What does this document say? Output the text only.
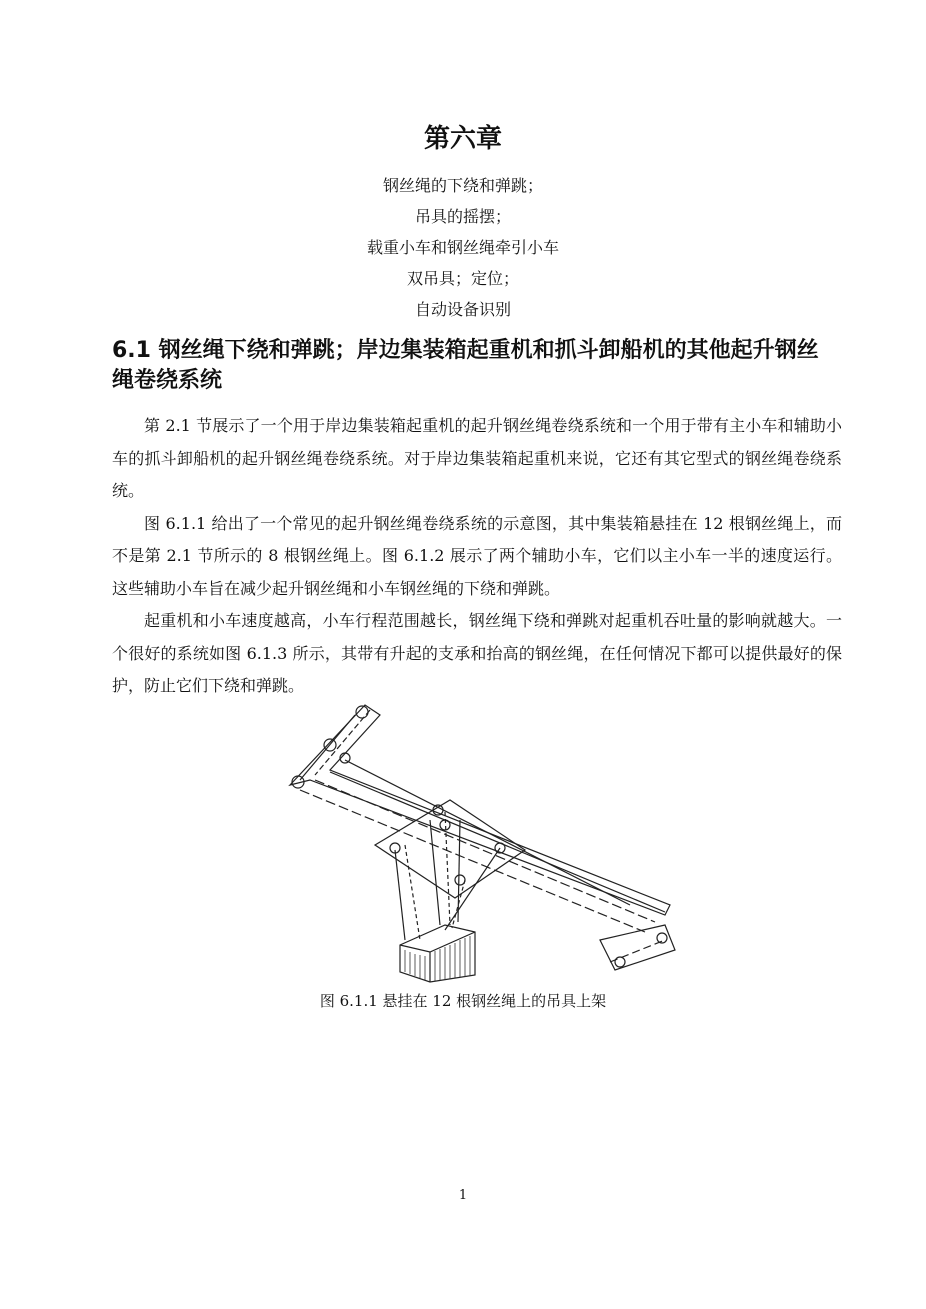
第六章
钢丝绳的下绕和弹跳；
吊具的摇摆；
载重小车和钢丝绳牵引小车
双吊具；定位；
自动设备识别
6.1 钢丝绳下绕和弹跳；岸边集装箱起重机和抓斗卸船机的其他起升钢丝绳卷绕系统

第 2.1 节展示了一个用于岸边集装箱起重机的起升钢丝绳卷绕系统和一个用于带有主小车和辅助小车的抓斗卸船机的起升钢丝绳卷绕系统。对于岸边集装箱起重机来说，它还有其它型式的钢丝绳卷绕系统。

图 6.1.1 给出了一个常见的起升钢丝绳卷绕系统的示意图，其中集装箱悬挂在 12 根钢丝绳上，而不是第 2.1 节所示的 8 根钢丝绳上。图 6.1.2 展示了两个辅助小车，它们以主小车一半的速度运行。这些辅助小车旨在减少起升钢丝绳和小车钢丝绳的下绕和弹跳。

起重机和小车速度越高，小车行程范围越长，钢丝绳下绕和弹跳对起重机吞吐量的影响就越大。一个很好的系统如图 6.1.3 所示，其带有升起的支承和抬高的钢丝绳，在任何情况下都可以提供最好的保护，防止它们下绕和弹跳。

图 6.1.1 悬挂在 12 根钢丝绳上的吊具上架
1
